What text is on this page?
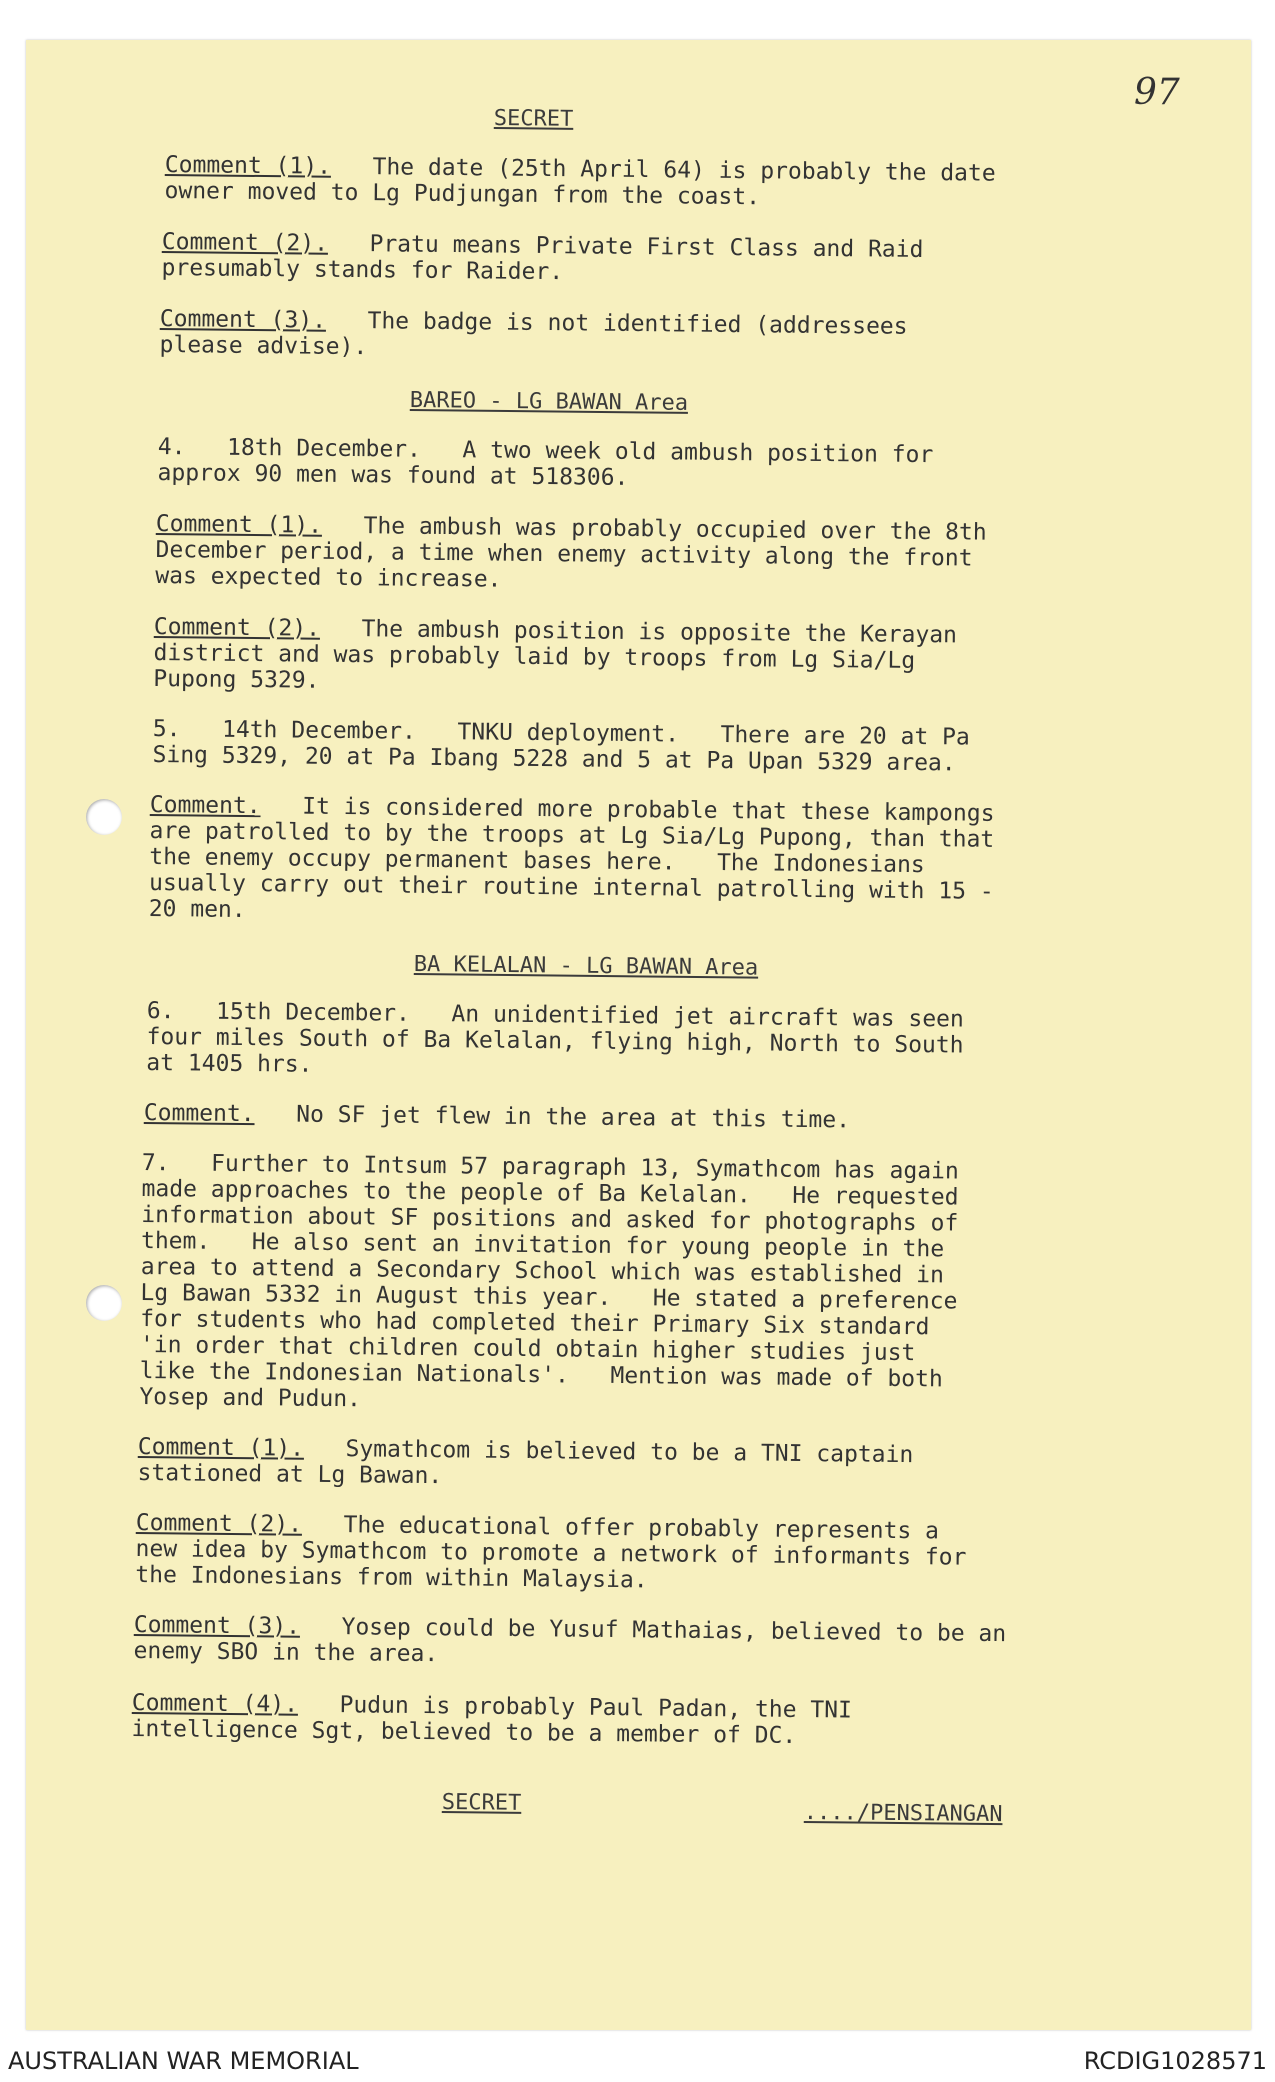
97
SECRET
Comment (1).   The date (25th April 64) is probably the date
owner moved to Lg Pudjungan from the coast.
Comment (2).   Pratu means Private First Class and Raid
presumably stands for Raider.
Comment (3).   The badge is not identified (addressees
please advise).
BAREO - LG BAWAN Area
4.   18th December.   A two week old ambush position for
approx 90 men was found at 518306.
Comment (1).   The ambush was probably occupied over the 8th
December period, a time when enemy activity along the front
was expected to increase.
Comment (2).   The ambush position is opposite the Kerayan
district and was probably laid by troops from Lg Sia/Lg
Pupong 5329.
5.   14th December.   TNKU deployment.   There are 20 at Pa
Sing 5329, 20 at Pa Ibang 5228 and 5 at Pa Upan 5329 area.
Comment.   It is considered more probable that these kampongs
are patrolled to by the troops at Lg Sia/Lg Pupong, than that
the enemy occupy permanent bases here.   The Indonesians
usually carry out their routine internal patrolling with 15 -
20 men.
BA KELALAN - LG BAWAN Area
6.   15th December.   An unidentified jet aircraft was seen
four miles South of Ba Kelalan, flying high, North to South
at 1405 hrs.
Comment.   No SF jet flew in the area at this time.
7.   Further to Intsum 57 paragraph 13, Symathcom has again
made approaches to the people of Ba Kelalan.   He requested
information about SF positions and asked for photographs of
them.   He also sent an invitation for young people in the
area to attend a Secondary School which was established in
Lg Bawan 5332 in August this year.   He stated a preference
for students who had completed their Primary Six standard
'in order that children could obtain higher studies just
like the Indonesian Nationals'.   Mention was made of both
Yosep and Pudun.
Comment (1).   Symathcom is believed to be a TNI captain
stationed at Lg Bawan.
Comment (2).   The educational offer probably represents a
new idea by Symathcom to promote a network of informants for
the Indonesians from within Malaysia.
Comment (3).   Yosep could be Yusuf Mathaias, believed to be an
enemy SBO in the area.
Comment (4).   Pudun is probably Paul Padan, the TNI
intelligence Sgt, believed to be a member of DC.
SECRET	..../PENSIANGAN
AUSTRALIAN WAR MEMORIAL	RCDIG1028571
